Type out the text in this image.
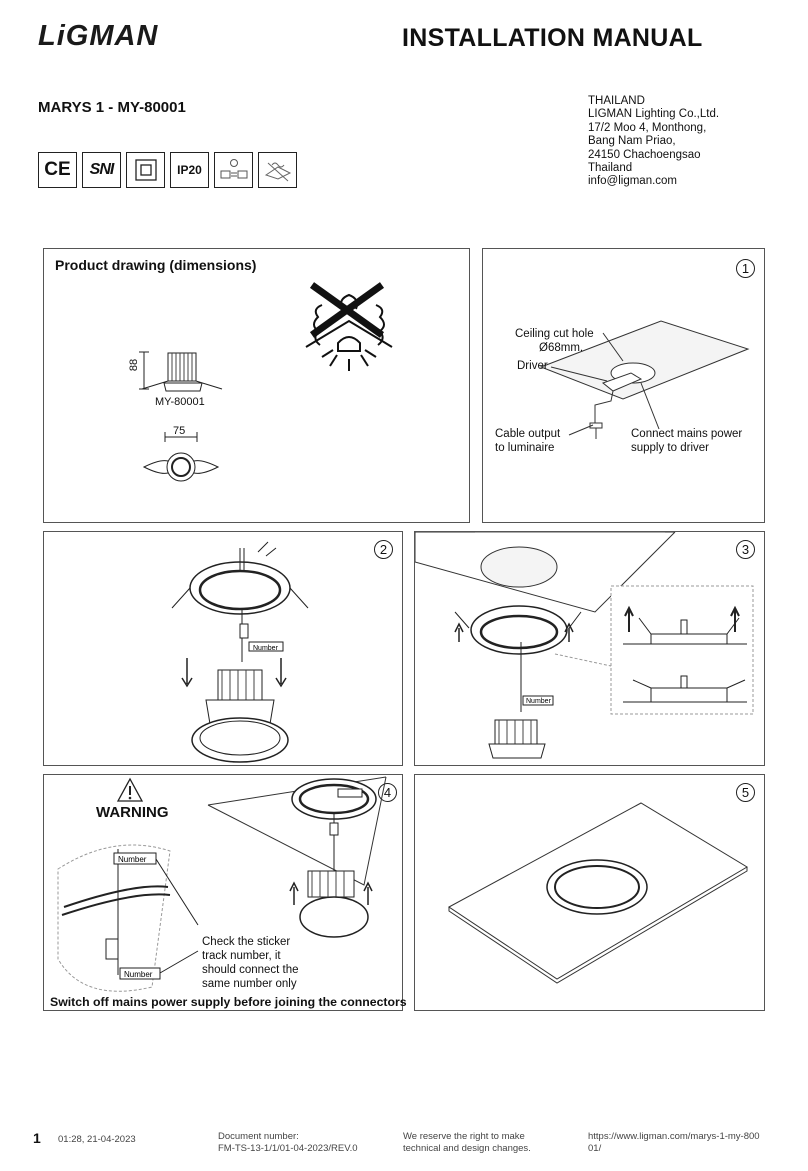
LiGMAN	INSTALLATION MANUAL
MARYS 1 - MY-80001	THAILAND
LIGMAN Lighting Co.,Ltd.
17/2 Moo 4, Monthong,
Bang Nam Priao,
24150 Chachoengsao
Thailand
info@ligman.com
CE SNI	IP20
Product drawing (dimensions)
88
MY-80001
75
1
Ceiling cut hole
Ø68mm.
Driver
Cable output
to luminaire
Connect mains power
supply to driver
2
Number
3
Number
4
Number
Number
WARNING
Check the sticker
track number, it
should connect the
same number only
Switch off mains power supply before joining the connectors
5
1 01:28, 21-04-2023	Document number:
FM-TS-13-1/1/01-04-2023/REV.0
We reserve the right to make
technical and design changes.
https://www.ligman.com/marys-1-my-800
01/
